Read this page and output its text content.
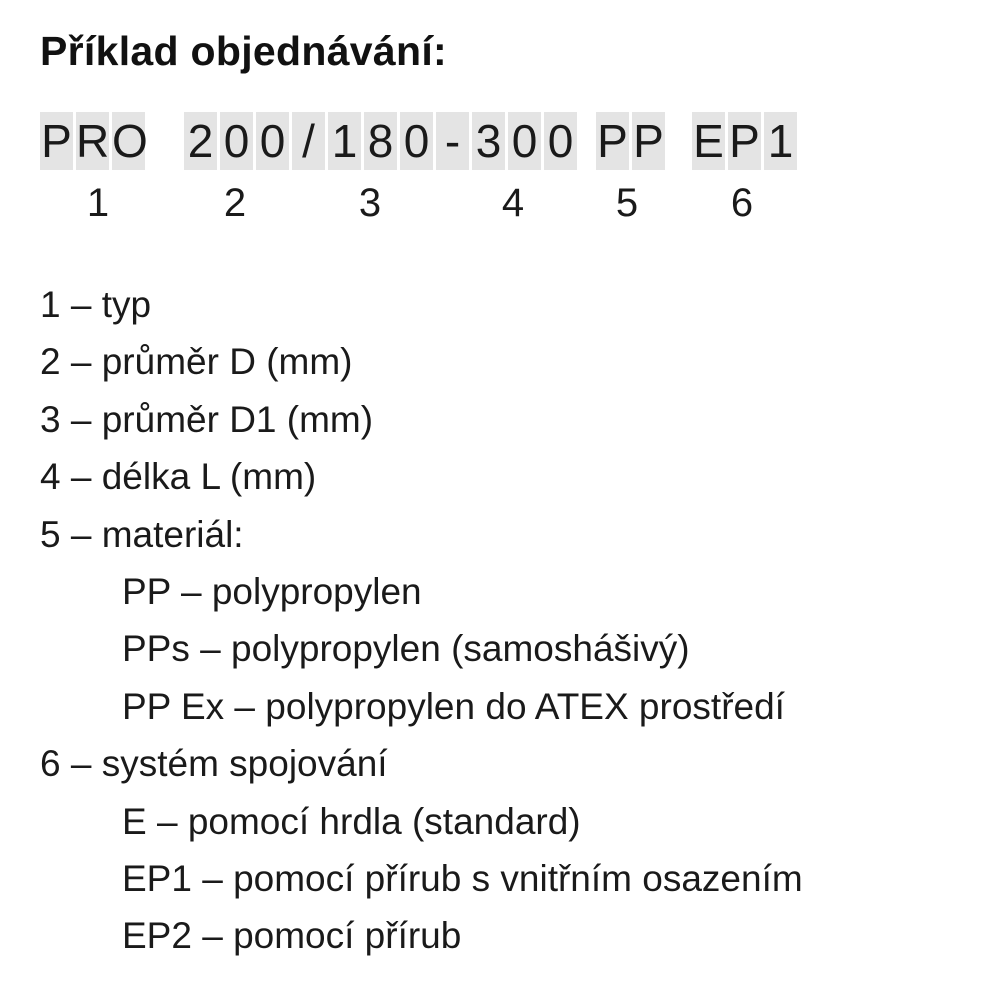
Příklad objednávání:
PRO 2 0 0 / 1 8 0 - 3 0 0 P P E P 1
1	2	3	4 5 6
1 – typ
2 – průměr D (mm)
3 – průměr D1 (mm)
4 – délka L (mm)
5 – materiál:
PP – polypropylen
PPs – polypropylen (samoshášivý)
PP Ex – polypropylen do ATEX prostředí
6 – systém spojování
E – pomocí hrdla (standard)
EP1 – pomocí přírub s vnitřním osazením
EP2 – pomocí přírub
